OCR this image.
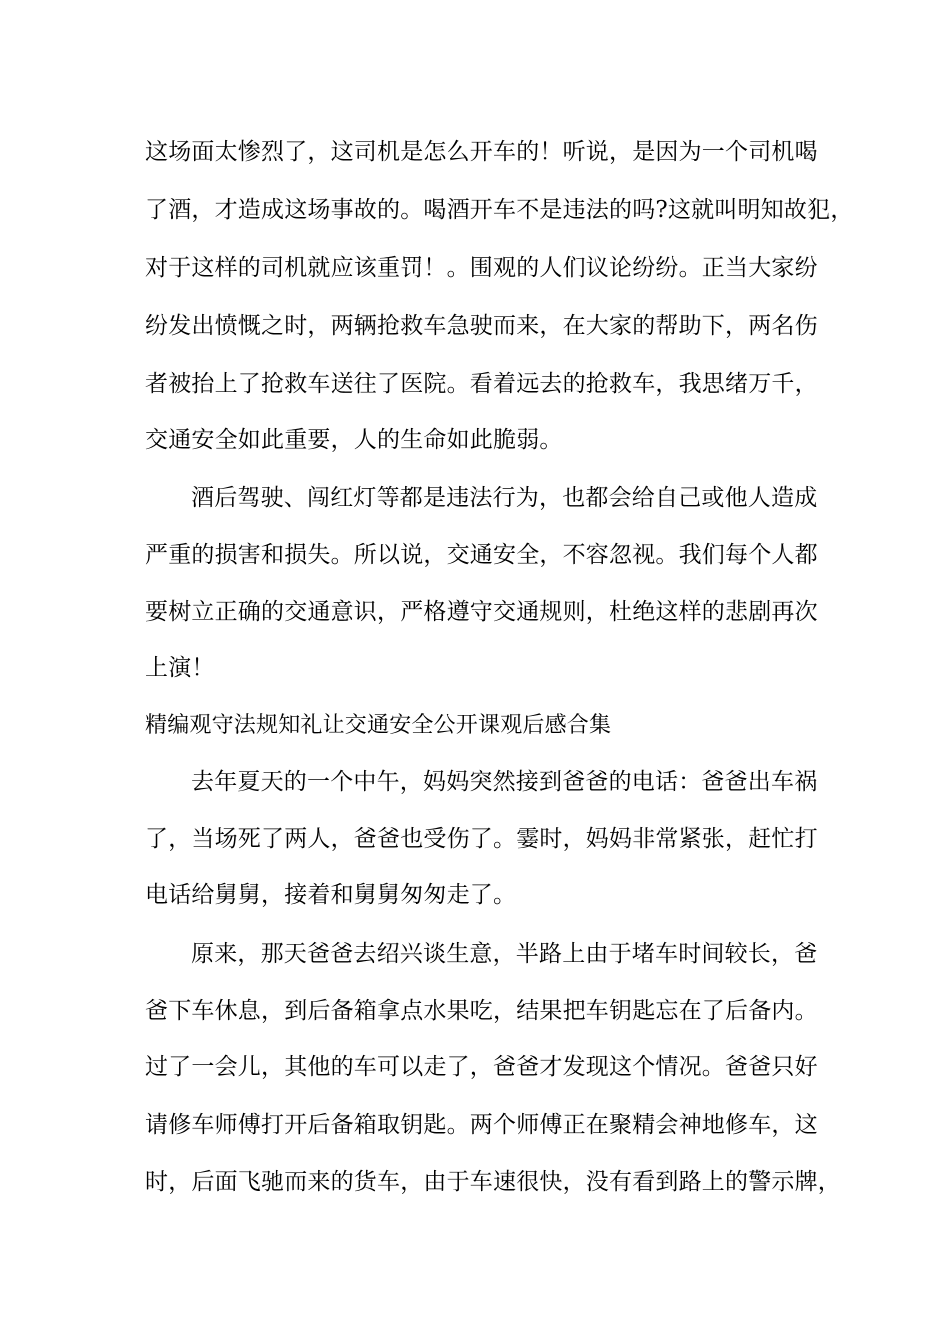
这场面太惨烈了，这司机是怎么开车的！听说，是因为一个司机喝
了酒，才造成这场事故的。喝酒开车不是违法的吗?这就叫明知故犯，
对于这样的司机就应该重罚！。围观的人们议论纷纷。正当大家纷
纷发出愤慨之时，两辆抢救车急驶而来，在大家的帮助下，两名伤
者被抬上了抢救车送往了医院。看着远去的抢救车，我思绪万千，
交通安全如此重要，人的生命如此脆弱。
酒后驾驶、闯红灯等都是违法行为，也都会给自己或他人造成
严重的损害和损失。所以说，交通安全，不容忽视。我们每个人都
要树立正确的交通意识，严格遵守交通规则，杜绝这样的悲剧再次
上演！
精编观守法规知礼让交通安全公开课观后感合集
去年夏天的一个中午，妈妈突然接到爸爸的电话：爸爸出车祸
了，当场死了两人，爸爸也受伤了。霎时，妈妈非常紧张，赶忙打
电话给舅舅，接着和舅舅匆匆走了。
原来，那天爸爸去绍兴谈生意，半路上由于堵车时间较长，爸
爸下车休息，到后备箱拿点水果吃，结果把车钥匙忘在了后备内。
过了一会儿，其他的车可以走了，爸爸才发现这个情况。爸爸只好
请修车师傅打开后备箱取钥匙。两个师傅正在聚精会神地修车，这
时，后面飞驰而来的货车，由于车速很快，没有看到路上的警示牌，
